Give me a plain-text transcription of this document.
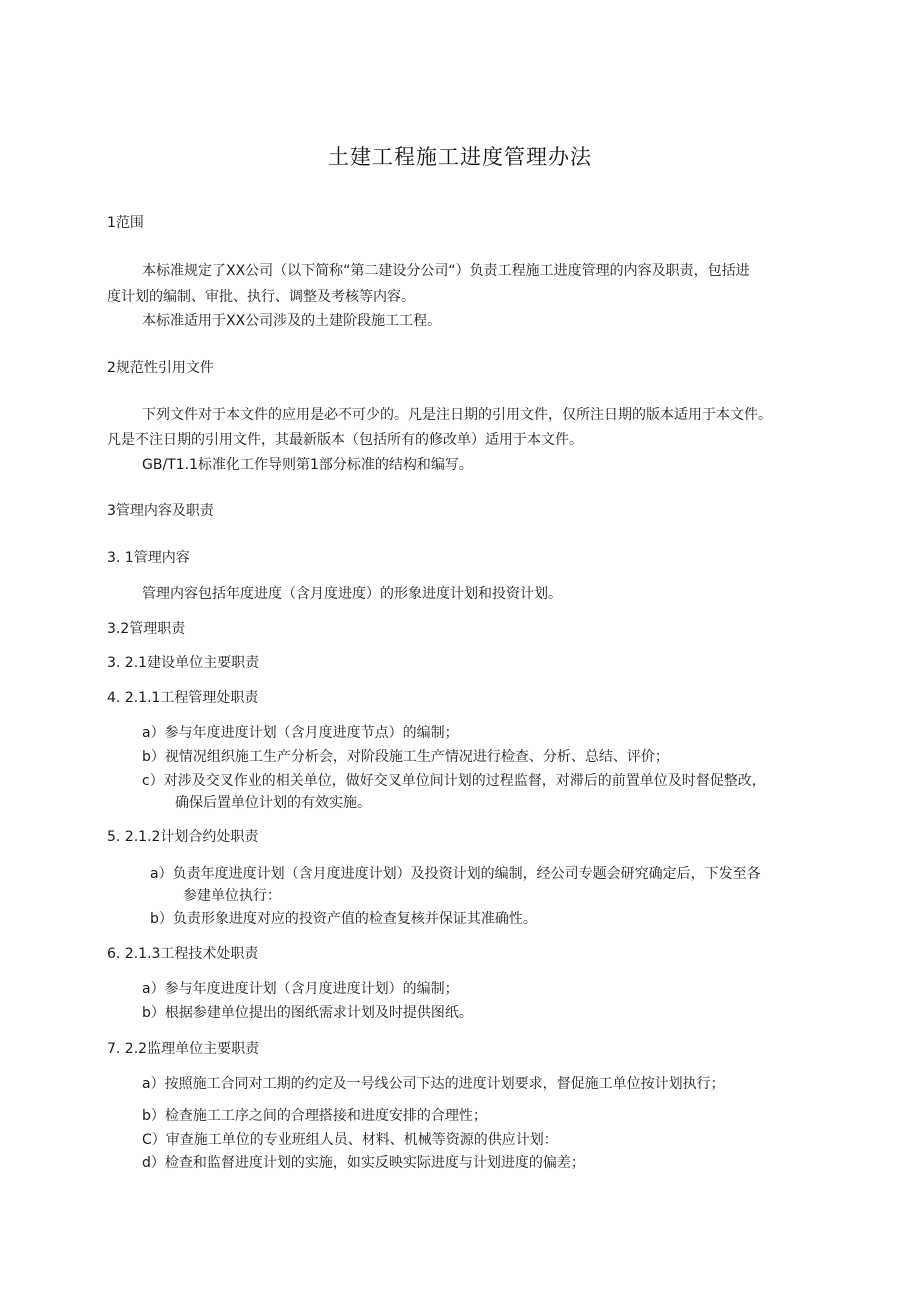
土建工程施工进度管理办法
1范围
本标准规定了XX公司（以下简称“第二建设分公司“）负责工程施工进度管理的内容及职责，包括进
度计划的编制、审批、执行、调整及考核等内容。
本标准适用于XX公司涉及的土建阶段施工工程。
2规范性引用文件
下列文件对于本文件的应用是必不可少的。凡是注日期的引用文件，仅所注日期的版本适用于本文件。
凡是不注日期的引用文件，其最新版本（包括所有的修改单）适用于本文件。
GB/T1.1标准化工作导则第1部分标准的结构和编写。
3管理内容及职责
3. 1管理内容
管理内容包括年度进度（含月度进度）的形象进度计划和投资计划。
3.2管理职责
3. 2.1建设单位主要职责
4. 2.1.1工程管理处职责
a）参与年度进度计划（含月度进度节点）的编制；
b）视情况组织施工生产分析会，对阶段施工生产情况进行检查、分析、总结、评价；
c）对涉及交叉作业的相关单位，做好交叉单位间计划的过程监督，对滞后的前置单位及时督促整改，
确保后置单位计划的有效实施。
5. 2.1.2计划合约处职责
a）负责年度进度计划（含月度进度计划）及投资计划的编制，经公司专题会研究确定后，下发至各
参建单位执行：
b）负责形象进度对应的投资产值的检查复核并保证其准确性。
6. 2.1.3工程技术处职责
a）参与年度进度计划（含月度进度计划）的编制；
b）根据参建单位提出的图纸需求计划及时提供图纸。
7. 2.2监理单位主要职责
a）按照施工合同对工期的约定及一号线公司下达的进度计划要求，督促施工单位按计划执行；
b）检查施工工序之间的合理搭接和进度安排的合理性；
C）审查施工单位的专业班组人员、材料、机械等资源的供应计划：
d）检查和监督进度计划的实施，如实反映实际进度与计划进度的偏差；
